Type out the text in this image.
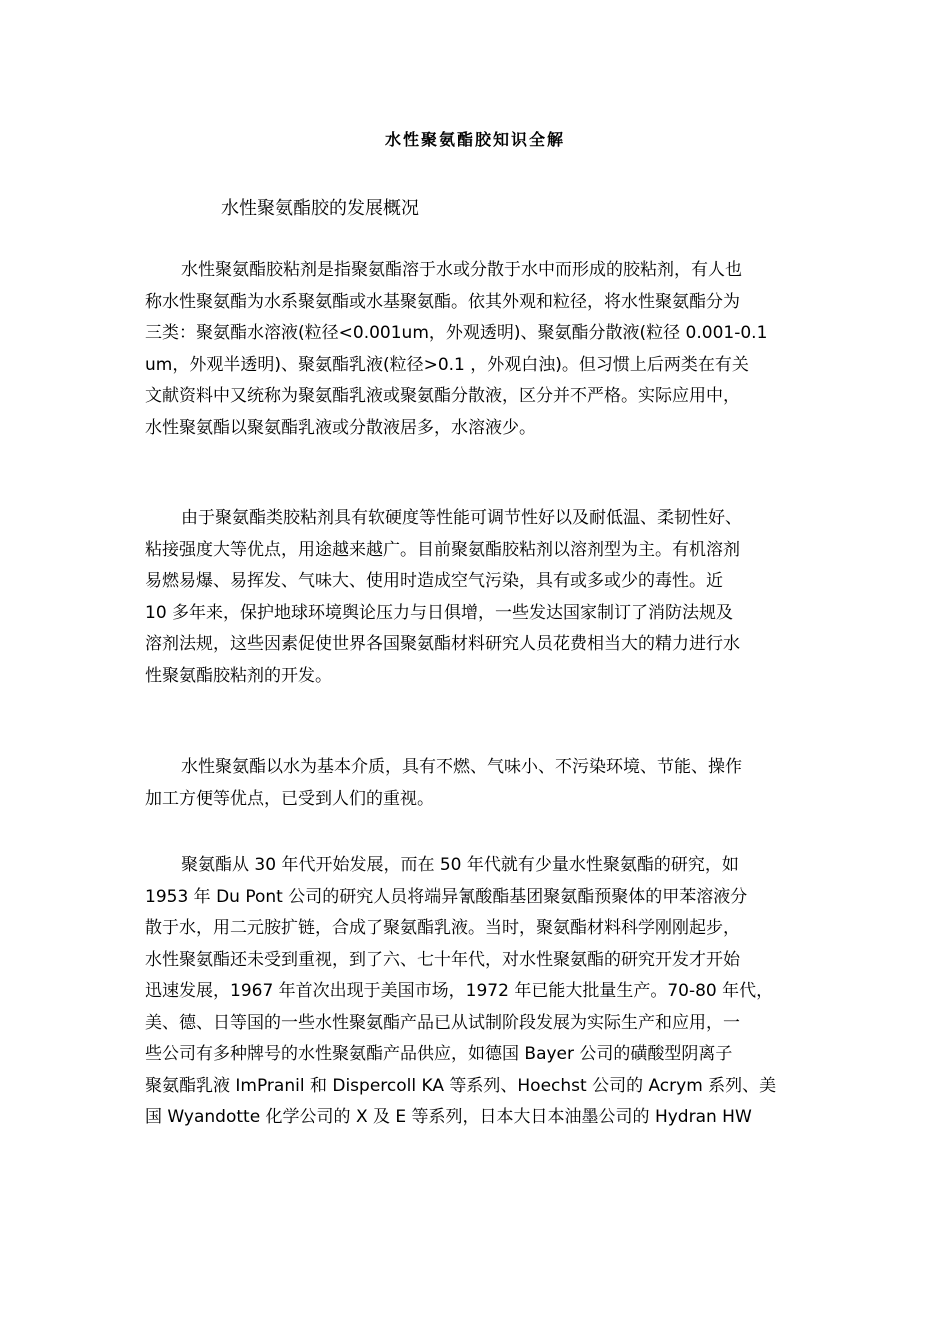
水性聚氨酯胶知识全解
水性聚氨酯胶的发展概况
水性聚氨酯胶粘剂是指聚氨酯溶于水或分散于水中而形成的胶粘剂，有人也
称水性聚氨酯为水系聚氨酯或水基聚氨酯。依其外观和粒径，将水性聚氨酯分为
三类：聚氨酯水溶液(粒径<0.001um，外观透明)、聚氨酯分散液(粒径 0.001-0.1
um，外观半透明)、聚氨酯乳液(粒径>0.1 ，外观白浊)。但习惯上后两类在有关
文献资料中又统称为聚氨酯乳液或聚氨酯分散液，区分并不严格。实际应用中，
水性聚氨酯以聚氨酯乳液或分散液居多，水溶液少。
由于聚氨酯类胶粘剂具有软硬度等性能可调节性好以及耐低温、柔韧性好、
粘接强度大等优点，用途越来越广。目前聚氨酯胶粘剂以溶剂型为主。有机溶剂
易燃易爆、易挥发、气味大、使用时造成空气污染，具有或多或少的毒性。近
10 多年来，保护地球环境舆论压力与日俱增，一些发达国家制订了消防法规及
溶剂法规，这些因素促使世界各国聚氨酯材料研究人员花费相当大的精力进行水
性聚氨酯胶粘剂的开发。
水性聚氨酯以水为基本介质，具有不燃、气味小、不污染环境、节能、操作
加工方便等优点，已受到人们的重视。
聚氨酯从 30 年代开始发展，而在 50 年代就有少量水性聚氨酯的研究，如
1953 年 Du Pont 公司的研究人员将端异氰酸酯基团聚氨酯预聚体的甲苯溶液分
散于水，用二元胺扩链，合成了聚氨酯乳液。当时，聚氨酯材料科学刚刚起步，
水性聚氨酯还未受到重视，到了六、七十年代，对水性聚氨酯的研究开发才开始
迅速发展，1967 年首次出现于美国市场，1972 年已能大批量生产。70-80 年代，
美、德、日等国的一些水性聚氨酯产品已从试制阶段发展为实际生产和应用，一
些公司有多种牌号的水性聚氨酯产品供应，如德国 Bayer 公司的磺酸型阴离子
聚氨酯乳液 ImPranil 和 Dispercoll KA 等系列、Hoechst 公司的 Acrym 系列、美
国 Wyandotte 化学公司的 X 及 E 等系列，日本大日本油墨公司的 Hydran HW
